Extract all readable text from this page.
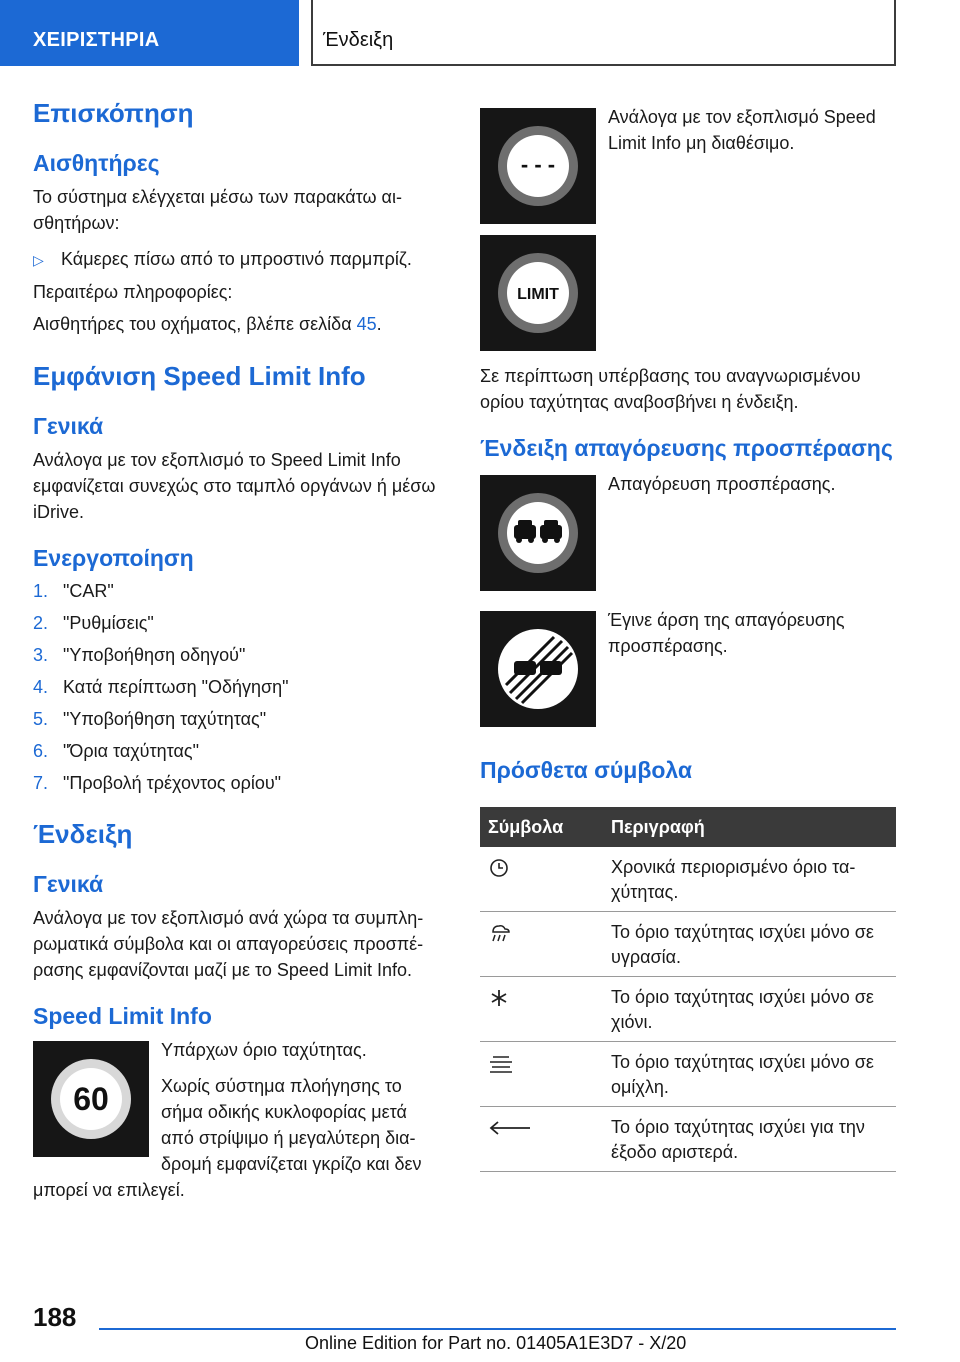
ΧΕΙΡΙΣΤΗΡΙΑ	Ένδειξη
Επισκόπηση
Αισθητήρες

Το σύστημα ελέγχεται μέσω των παρακάτω αι-σθητήρων:

▷ Κάμερες πίσω από το μπροστινό παρμπρίζ.

Περαιτέρω πληροφορίες:

Αισθητήρες του οχήματος, βλέπε σελίδα 45.

Εμφάνιση Speed Limit Info
Γενικά

Ανάλογα με τον εξοπλισμό το Speed Limit Info εμφανίζεται συνεχώς στο ταμπλό οργάνων ή μέσω iDrive.

Ενεργοποίηση
1. "CAR"
2. "Ρυθμίσεις"
3. "Υποβοήθηση οδηγού"
4. Κατά περίπτωση "Οδήγηση"
5. "Υποβοήθηση ταχύτητας"
6. "Όρια ταχύτητας"
7. "Προβολή τρέχοντος ορίου"
Ένδειξη
Γενικά

Ανάλογα με τον εξοπλισμό ανά χώρα τα συμπλη-ρωματικά σύμβολα και οι απαγορεύσεις προσπέ-ρασης εμφανίζονται μαζί με το Speed Limit Info.

Speed Limit Info
60

Υπάρχων όριο ταχύτητας.

Χωρίς σύστημα πλοήγησης το σήμα οδικής κυκλοφορίας μετά από στρίψιμο ή μεγαλύτερη δια-δρομή εμφανίζεται γκρίζο και δεν μπορεί να επιλεγεί.

- - -

Ανάλογα με τον εξοπλισμό Speed Limit Info μη διαθέσιμο.

LIMIT

Σε περίπτωση υπέρβασης του αναγνωρισμένου ορίου ταχύτητας αναβοσβήνει η ένδειξη.

Ένδειξη απαγόρευσης προσπέρασης

Απαγόρευση προσπέρασης.

Έγινε άρση της απαγόρευσης προσπέρασης.

Πρόσθετα σύμβολα
Σύμβολα	Περιγραφή
	Χρονικά περιορισμένο όριο τα-χύτητας.
	Το όριο ταχύτητας ισχύει μόνο σε υγρασία.
	Το όριο ταχύτητας ισχύει μόνο σε χιόνι.
	Το όριο ταχύτητας ισχύει μόνο σε ομίχλη.
	Το όριο ταχύτητας ισχύει για την έξοδο αριστερά.
188
Online Edition for Part no. 01405A1E3D7 - X/20
